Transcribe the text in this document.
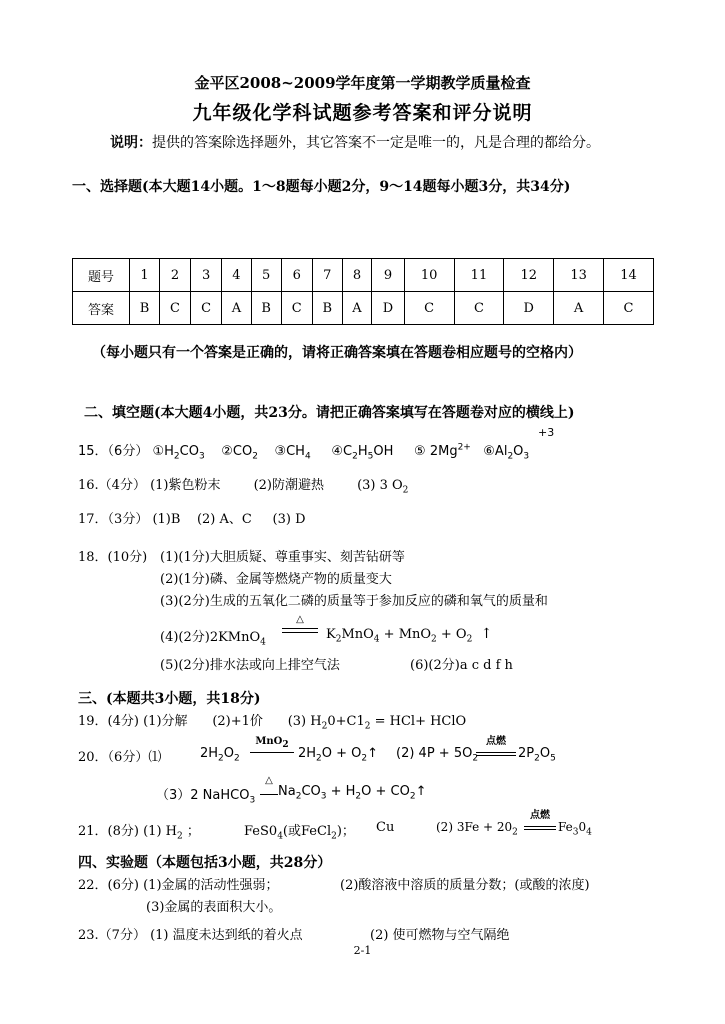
金平区2008~2009学年度第一学期教学质量检查
九年级化学科试题参考答案和评分说明
说明：提供的答案除选择题外，其它答案不一定是唯一的，凡是合理的都给分。
一、选择题(本大题14小题。1～8题每小题2分，9～14题每小题3分，共34分)
题号	1	2	3	4	5	6	7	8	9	10	11	12	13	14
答案	B	C	C	A	B	C	B	A	D	C	C	D	A	C
（每小题只有一个答案是正确的，请将正确答案填在答题卷相应题号的空格内）
二、填空题(本大题4小题，共23分。请把正确答案填写在答题卷对应的横线上)
15．（6分） $①H_2CO_3$ $②CO_2$ $③CH_4$ $④C_2H_5OH$ ⑤ $2Mg^{2+}$ $⑥Al_2O_3$
+3
16.（4分） (1)紫色粉末	(2)防潮避热	(3) 3 $O_2$
17．（3分） (1)B (2) A、C (3) D
18．(10分) (1)(1分)大胆质疑、尊重事实、刻苦钻研等
(2)(1分)磷、金属等燃烧产物的质量变大
(3)(2分)生成的五氧化二磷的质量等于参加反应的磷和氧气的质量和
(4)(2分)2KMnO$_4$
△
$K_2MnO_4 + MnO_2 + O_2$ ↑
(5)(2分)排水法或向上排空气法	(6)(2分)a c d f h
三、(本题共3小题，共18分)
19．(4分) (1)分解 (2)+1价 (3) $H_20+C1_2 = HCl+$ HClO
20．（6分）⑴	$2H_2O_2$
MnO2
$2H_2O$ + $O_2↑$ (2) $4P + 5O_2$
点燃
$2P_2O_5$
（3）2 NaHCO$_3$
△
$Na_2CO_3 + H_2O$ + $CO_2↑$
21．(8分) (1) $H_2$ ；	$FeS0_4$(或FeCl$_2$)； Cu	(2) $3Fe + 20_2$
点燃
$Fe_30_4$
四、实验题（本题包括3小题，共28分）
22．(6分) (1)金属的活动性强弱；	(2)酸溶液中溶质的质量分数；(或酸的浓度)
(3)金属的表面积大小。
23.（7分） (1) 温度未达到纸的着火点	(2) 使可燃物与空气隔绝
2-1
